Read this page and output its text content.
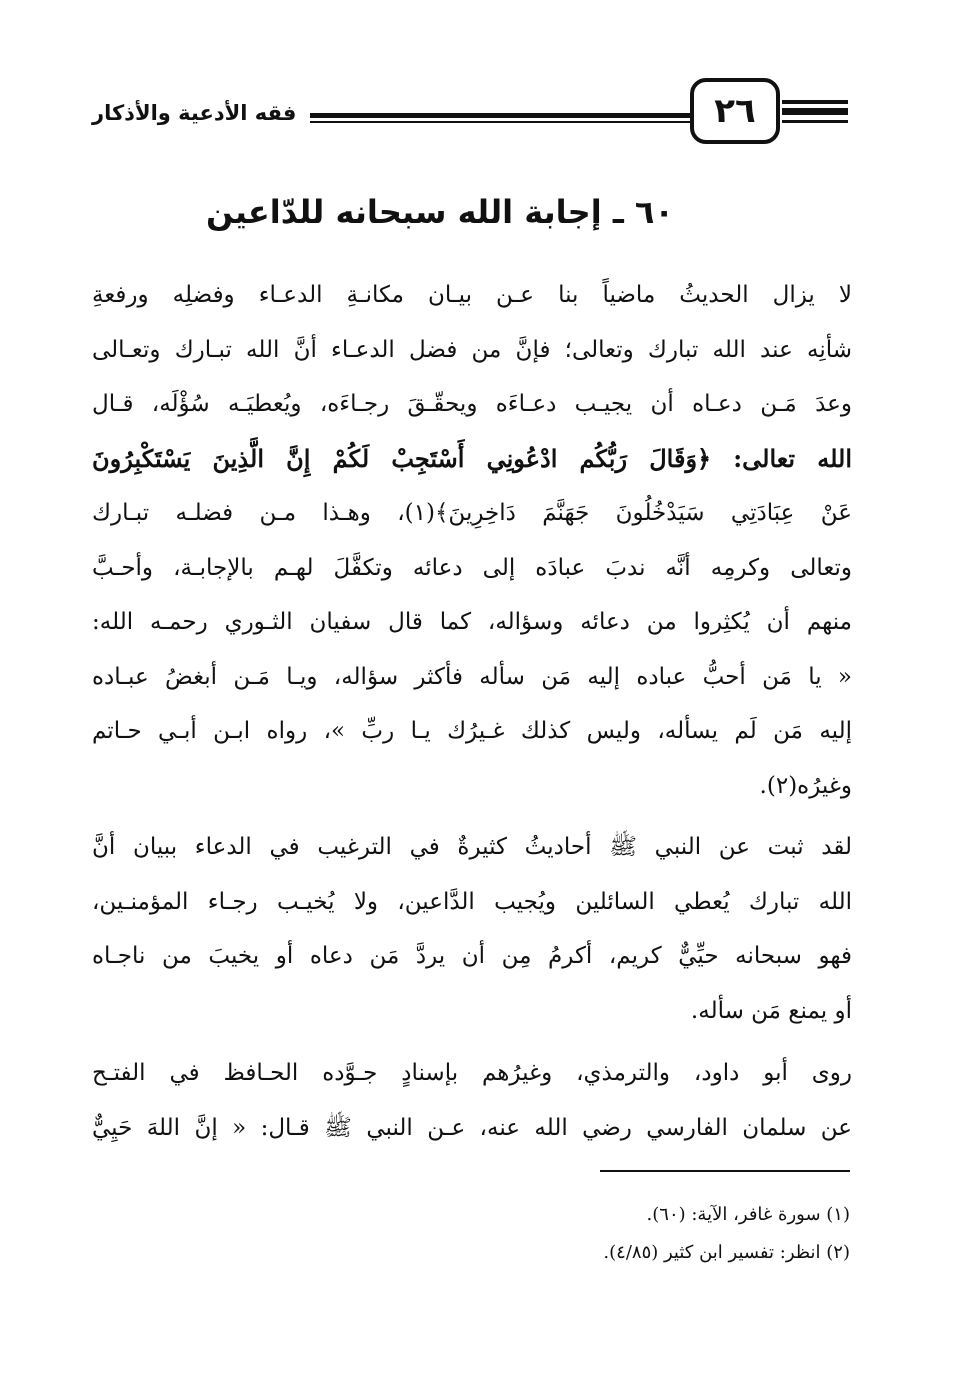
فقه الأدعية والأذكار	٢٦
٦٠ ـ إجابة الله سبحانه للدّاعين
لا يزال الحديثُ ماضياً بنا عـن بيـان مكانـةِ الدعـاء وفضلِه ورفعةِ
شأنِه عند الله تبارك وتعالى؛ فإنَّ من فضل الدعـاء أنَّ الله تبـارك وتعـالى
وعدَ مَـن دعـاه أن يجيـب دعـاءَه ويحقّـقَ رجـاءَه، ويُعطيَـه سُؤْلَه، قـال
الله تعالى: ﴿وَقَالَ رَبُّكُم ادْعُونِي أَسْتَجِبْ لَكُمْ إِنَّ الَّذِينَ يَسْتَكْبِرُونَ
عَنْ عِبَادَتِي سَيَدْخُلُونَ جَهَنَّمَ دَاخِرِينَ﴾(١)، وهـذا مـن فضلـه تبـارك
وتعالى وكرمِه أنَّه ندبَ عبادَه إلى دعائه وتكفَّلَ لهـم بالإجابـة، وأحـبَّ
منهم أن يُكثِروا من دعائه وسؤاله، كما قال سفيان الثـوري رحمـه الله:
« يا مَن أحبُّ عباده إليه مَن سأله فأكثر سؤاله، ويـا مَـن أبغضُ عبـاده
إليه مَن لَم يسأله، وليس كذلك غـيرُك يـا ربِّ »، رواه ابـن أبـي حـاتم
وغيرُه(٢).
لقد ثبت عن النبي ﷺ أحاديثُ كثيرةٌ في الترغيب في الدعاء ببيان أنَّ
الله تبارك يُعطي السائلين ويُجيب الدَّاعين، ولا يُخيـب رجـاء المؤمنـين،
فهو سبحانه حيِّيٌّ كريم، أكرمُ مِن أن يردَّ مَن دعاه أو يخيبَ من ناجـاه
أو يمنع مَن سأله.
روى أبو داود، والترمذي، وغيرُهم بإسنادٍ جـوَّده الحـافظ في الفتـح
عن سلمان الفارسي رضي الله عنه، عـن النبي ﷺ قـال: « إنَّ اللهَ حَيِيٌّ
(١) سورة غافر، الآية: (٦٠).
(٢) انظر: تفسير ابن كثير (٤/٨٥).
